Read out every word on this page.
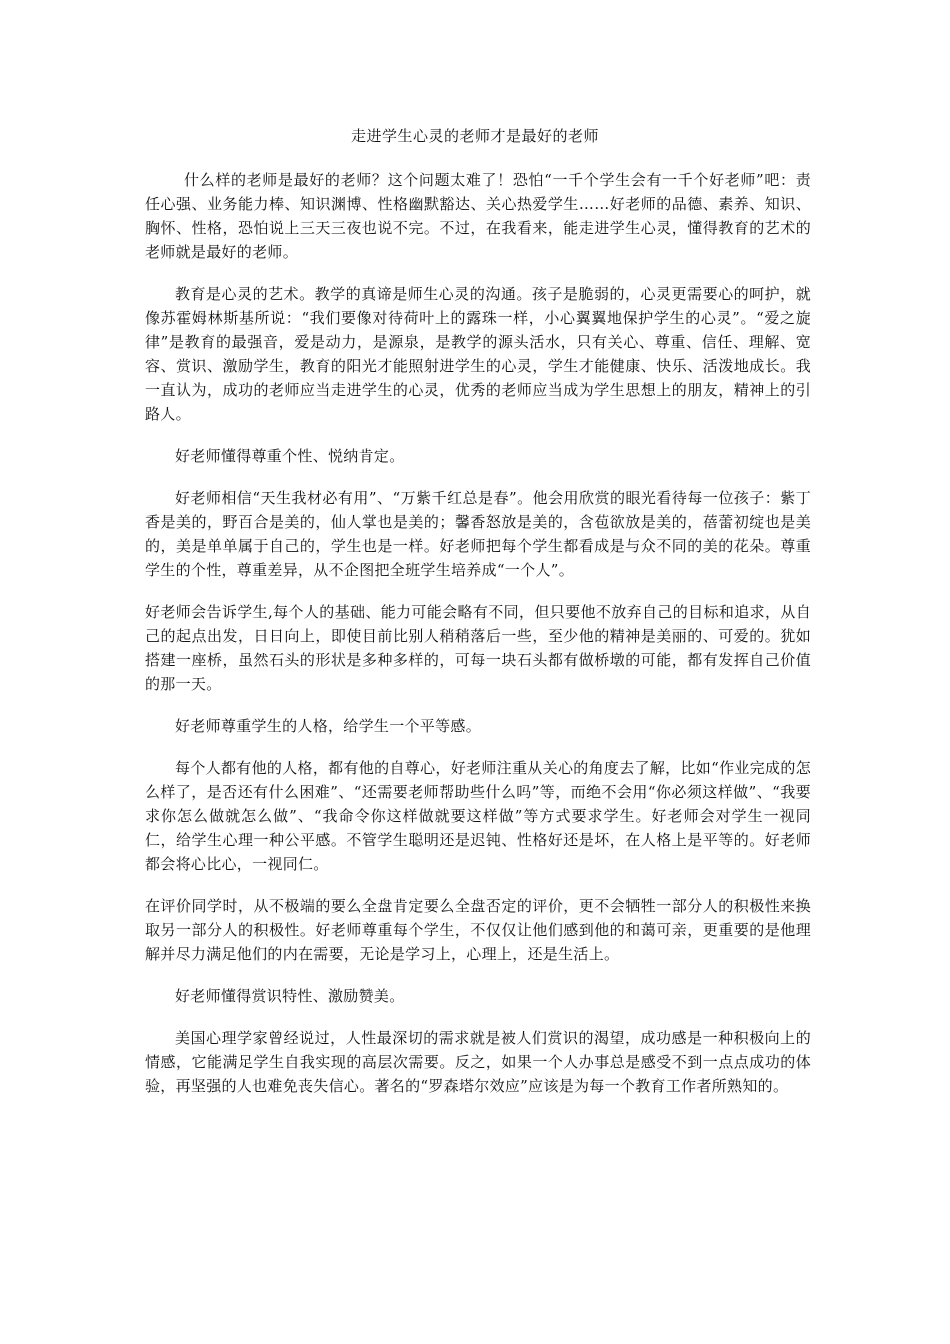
走进学生心灵的老师才是最好的老师

什么样的老师是最好的老师？这个问题太难了！恐怕“一千个学生会有一千个好老师”吧：责任心强、业务能力棒、知识渊博、性格幽默豁达、关心热爱学生……好老师的品德、素养、知识、胸怀、性格，恐怕说上三天三夜也说不完。不过，在我看来，能走进学生心灵，懂得教育的艺术的老师就是最好的老师。

教育是心灵的艺术。教学的真谛是师生心灵的沟通。孩子是脆弱的，心灵更需要心的呵护，就像苏霍姆林斯基所说：“我们要像对待荷叶上的露珠一样，小心翼翼地保护学生的心灵”。“爱之旋律”是教育的最强音，爱是动力，是源泉，是教学的源头活水，只有关心、尊重、信任、理解、宽容、赏识、激励学生，教育的阳光才能照射进学生的心灵，学生才能健康、快乐、活泼地成长。我一直认为，成功的老师应当走进学生的心灵，优秀的老师应当成为学生思想上的朋友，精神上的引路人。

好老师懂得尊重个性、悦纳肯定。

好老师相信“天生我材必有用”、“万紫千红总是春”。他会用欣赏的眼光看待每一位孩子：紫丁香是美的，野百合是美的，仙人掌也是美的；馨香怒放是美的，含苞欲放是美的，蓓蕾初绽也是美的，美是单单属于自己的，学生也是一样。好老师把每个学生都看成是与众不同的美的花朵。尊重学生的个性，尊重差异，从不企图把全班学生培养成“一个人”。

好老师会告诉学生,每个人的基础、能力可能会略有不同，但只要他不放弃自己的目标和追求，从自己的起点出发，日日向上，即使目前比别人稍稍落后一些，至少他的精神是美丽的、可爱的。犹如搭建一座桥，虽然石头的形状是多种多样的，可每一块石头都有做桥墩的可能，都有发挥自己价值的那一天。

好老师尊重学生的人格，给学生一个平等感。

每个人都有他的人格，都有他的自尊心，好老师注重从关心的角度去了解，比如“作业完成的怎么样了，是否还有什么困难”、“还需要老师帮助些什么吗”等，而绝不会用“你必须这样做”、“我要求你怎么做就怎么做”、“我命令你这样做就要这样做”等方式要求学生。好老师会对学生一视同仁，给学生心理一种公平感。不管学生聪明还是迟钝、性格好还是坏，在人格上是平等的。好老师都会将心比心，一视同仁。

在评价同学时，从不极端的要么全盘肯定要么全盘否定的评价，更不会牺牲一部分人的积极性来换取另一部分人的积极性。好老师尊重每个学生，不仅仅让他们感到他的和蔼可亲，更重要的是他理解并尽力满足他们的内在需要，无论是学习上，心理上，还是生活上。

好老师懂得赏识特性、激励赞美。

美国心理学家曾经说过，人性最深切的需求就是被人们赏识的渴望，成功感是一种积极向上的情感，它能满足学生自我实现的高层次需要。反之，如果一个人办事总是感受不到一点点成功的体验，再坚强的人也难免丧失信心。著名的“罗森塔尔效应”应该是为每一个教育工作者所熟知的。
